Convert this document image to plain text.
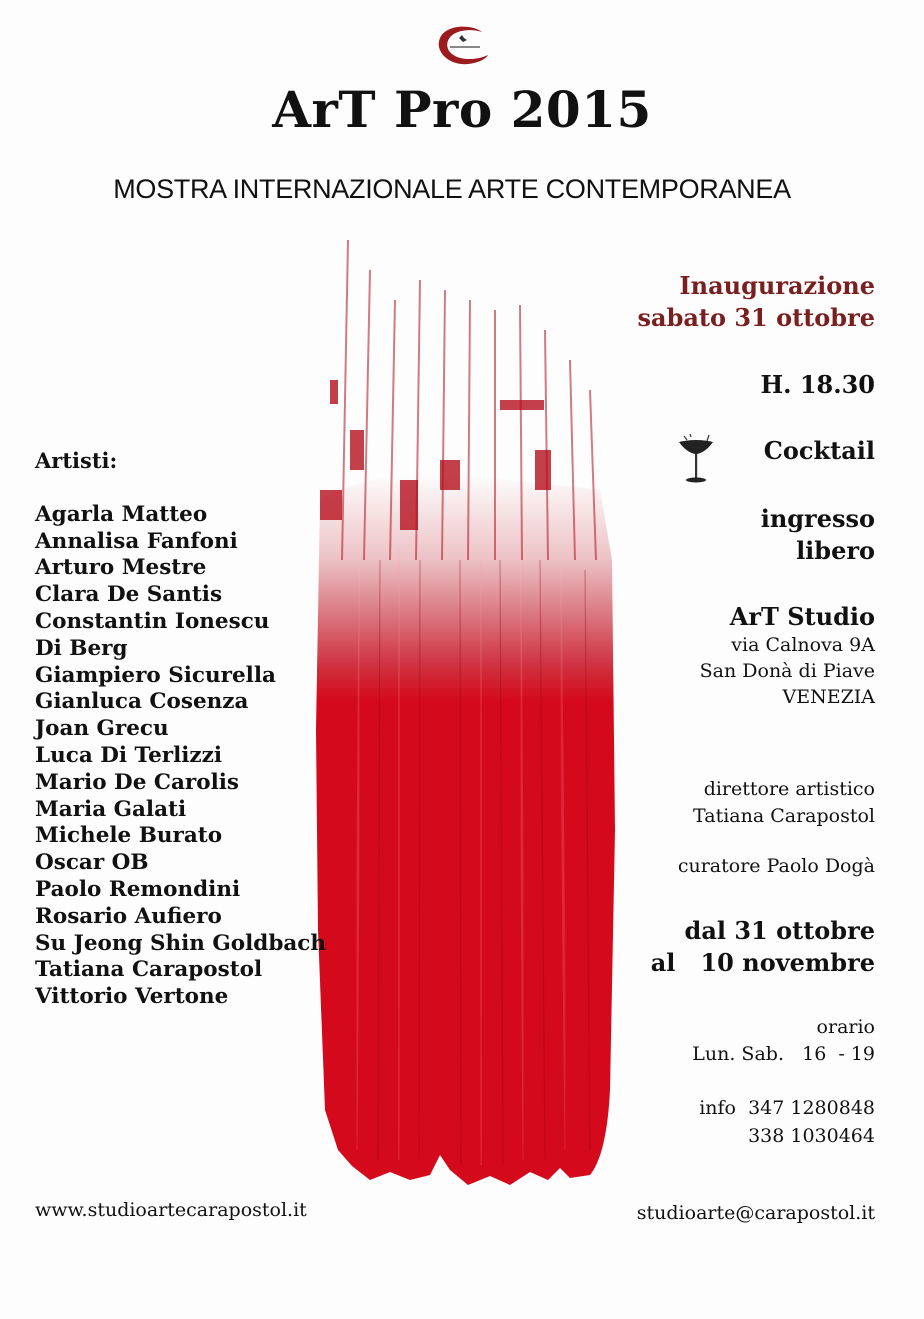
ArT Pro 2015
MOSTRA INTERNAZIONALE ARTE CONTEMPORANEA
Artisti:
Agarla Matteo
Annalisa Fanfoni
Arturo Mestre
Clara De Santis
Constantin Ionescu
Di Berg
Giampiero Sicurella
Gianluca Cosenza
Joan Grecu
Luca Di Terlizzi
Mario De Carolis
Maria Galati
Michele Burato
Oscar OB
Paolo Remondini
Rosario Aufiero
Su Jeong Shin Goldbach
Tatiana Carapostol
Vittorio Vertone
Inaugurazione
sabato 31 ottobre
H. 18.30
Cocktail
ingresso
libero
ArT Studio
via Calnova 9A
San Donà di Piave
VENEZIA
direttore artistico
Tatiana Carapostol
curatore Paolo Dogà
dal 31 ottobre
al   10 novembre
orario
Lun. Sab.   16  - 19
info  347 1280848
338 1030464
www.studioartecarapostol.it	studioarte@carapostol.it
